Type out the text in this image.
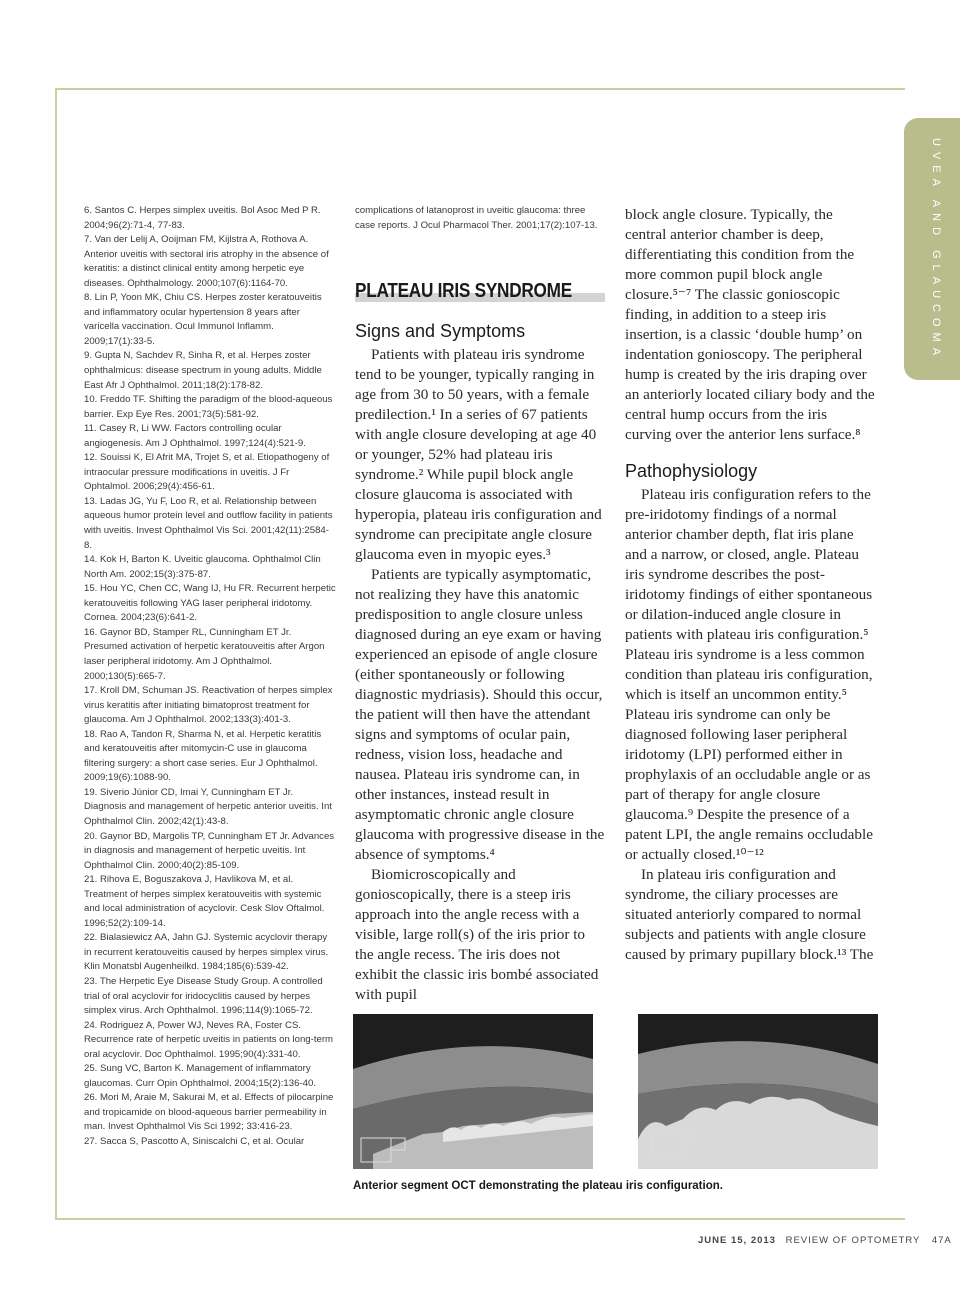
UVEA AND GLAUCOMA
6. Santos C. Herpes simplex uveitis. Bol Asoc Med P R. 2004;96(2):71-4, 77-83.
7. Van der Lelij A, Ooijman FM, Kijlstra A, Rothova A. Anterior uveitis with sectoral iris atrophy in the absence of keratitis: a distinct clinical entity among herpetic eye diseases. Ophthalmology. 2000;107(6):1164-70.
8. Lin P, Yoon MK, Chiu CS. Herpes zoster keratouveitis and inflammatory ocular hypertension 8 years after varicella vaccination. Ocul Immunol Inflamm. 2009;17(1):33-5.
9. Gupta N, Sachdev R, Sinha R, et al. Herpes zoster ophthalmicus: disease spectrum in young adults. Middle East Afr J Ophthalmol. 2011;18(2):178-82.
10. Freddo TF. Shifting the paradigm of the blood-aqueous barrier. Exp Eye Res. 2001;73(5):581-92.
11. Casey R, Li WW. Factors controlling ocular angiogenesis. Am J Ophthalmol. 1997;124(4):521-9.
12. Souissi K, El Afrit MA, Trojet S, et al. Etiopathogeny of intraocular pressure modifications in uveitis. J Fr Ophtalmol. 2006;29(4):456-61.
13. Ladas JG, Yu F, Loo R, et al. Relationship between aqueous humor protein level and outflow facility in patients with uveitis. Invest Ophthalmol Vis Sci. 2001;42(11):2584-8.
14. Kok H, Barton K. Uveitic glaucoma. Ophthalmol Clin North Am. 2002;15(3):375-87.
15. Hou YC, Chen CC, Wang IJ, Hu FR. Recurrent herpetic keratouveitis following YAG laser peripheral iridotomy. Cornea. 2004;23(6):641-2.
16. Gaynor BD, Stamper RL, Cunningham ET Jr. Presumed activation of herpetic keratouveitis after Argon laser peripheral iridotomy. Am J Ophthalmol. 2000;130(5):665-7.
17. Kroll DM, Schuman JS. Reactivation of herpes simplex virus keratitis after initiating bimatoprost treatment for glaucoma. Am J Ophthalmol. 2002;133(3):401-3.
18. Rao A, Tandon R, Sharma N, et al. Herpetic keratitis and keratouveitis after mitomycin-C use in glaucoma filtering surgery: a short case series. Eur J Ophthalmol. 2009;19(6):1088-90.
19. Siverio Júnior CD, Imai Y, Cunningham ET Jr. Diagnosis and management of herpetic anterior uveitis. Int Ophthalmol Clin. 2002;42(1):43-8.
20. Gaynor BD, Margolis TP, Cunningham ET Jr. Advances in diagnosis and management of herpetic uveitis. Int Ophthalmol Clin. 2000;40(2):85-109.
21. Rihova E, Boguszakova J, Havlikova M, et al. Treatment of herpes simplex keratouveitis with systemic and local administration of acyclovir. Cesk Slov Oftalmol. 1996;52(2):109-14.
22. Bialasiewicz AA, Jahn GJ. Systemic acyclovir therapy in recurrent keratouveitis caused by herpes simplex virus. Klin Monatsbl Augenheilkd. 1984;185(6):539-42.
23. The Herpetic Eye Disease Study Group. A controlled trial of oral acyclovir for iridocyclitis caused by herpes simplex virus. Arch Ophthalmol. 1996;114(9):1065-72.
24. Rodriguez A, Power WJ, Neves RA, Foster CS. Recurrence rate of herpetic uveitis in patients on long-term oral acyclovir. Doc Ophthalmol. 1995;90(4):331-40.
25. Sung VC, Barton K. Management of inflammatory glaucomas. Curr Opin Ophthalmol. 2004;15(2):136-40.
26. Mori M, Araie M, Sakurai M, et al. Effects of pilocarpine and tropicamide on blood-aqueous barrier permeability in man. Invest Ophthalmol Vis Sci 1992; 33:416-23.
27. Sacca S, Pascotto A, Siniscalchi C, et al. Ocular
complications of latanoprost in uveitic glaucoma: three case reports. J Ocul Pharmacol Ther. 2001;17(2):107-13.
PLATEAU IRIS SYNDROME
Signs and Symptoms

Patients with plateau iris syndrome tend to be younger, typically ranging in age from 30 to 50 years, with a female predilection.¹ In a series of 67 patients with angle closure developing at age 40 or younger, 52% had plateau iris syndrome.² While pupil block angle closure glaucoma is associated with hyperopia, plateau iris configuration and syndrome can precipitate angle closure glaucoma even in myopic eyes.³

Patients are typically asymptomatic, not realizing they have this anatomic predisposition to angle closure unless diagnosed during an eye exam or having experienced an episode of angle closure (either spontaneously or following diagnostic mydriasis). Should this occur, the patient will then have the attendant signs and symptoms of ocular pain, redness, vision loss, headache and nausea. Plateau iris syndrome can, in other instances, instead result in asymptomatic chronic angle closure glaucoma with progressive disease in the absence of symptoms.⁴

Biomicroscopically and gonioscopically, there is a steep iris approach into the angle recess with a visible, large roll(s) of the iris prior to the angle recess. The iris does not exhibit the classic iris bombé associated with pupil

block angle closure. Typically, the central anterior chamber is deep, differentiating this condition from the more common pupil block angle closure.⁵⁻⁷ The classic gonioscopic finding, in addition to a steep iris insertion, is a classic ‘double hump’ on indentation gonioscopy. The peripheral hump is created by the iris draping over an anteriorly located ciliary body and the central hump occurs from the iris curving over the anterior lens surface.⁸

Pathophysiology

Plateau iris configuration refers to the pre-iridotomy findings of a normal anterior chamber depth, flat iris plane and a narrow, or closed, angle. Plateau iris syndrome describes the post-iridotomy findings of either spontaneous or dilation-induced angle closure in patients with plateau iris configuration.⁵ Plateau iris syndrome is a less common condition than plateau iris configuration, which is itself an uncommon entity.⁵ Plateau iris syndrome can only be diagnosed following laser peripheral iridotomy (LPI) performed either in prophylaxis of an occludable angle or as part of therapy for angle closure glaucoma.⁹ Despite the presence of a patent LPI, the angle remains occludable or actually closed.¹⁰⁻¹²

In plateau iris configuration and syndrome, the ciliary processes are situated anteriorly compared to normal subjects and patients with angle closure caused by primary pupillary block.¹³ The

Anterior segment OCT demonstrating the plateau iris configuration.
JUNE 15, 2013 REVIEW OF OPTOMETRY 47A
